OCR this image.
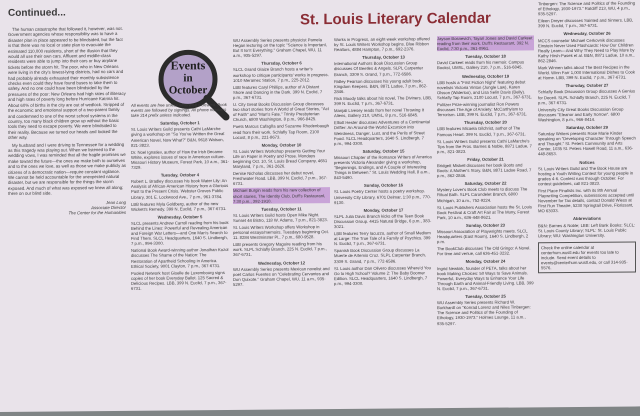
Continued...

The human catastrophe that followed it, however, was not. Government agencies whose responsibility was to have a disaster plan in place appeared to be blindsided, but the fact is that there was no local or state plan to evacuate the estimated 110,000 residents, short of the illusion that they would all use their own cars. Affluent and middle-class residents were able to jump into their cars or buy airplane tickets before the storm hit. The poor, who in New Orleans were living in the city's lowest-lying districts, had no cars and had probably already exhausted their monthly subsistence checks even could they have found buses to take them to safety. And no one could have been blindsided by the pressures of the poor: New Orleans had high rates of illiteracy and high rates of poverty long before Hurricane Katrina hit. About 60% of births in the city are out of wedlock. Stripped of the economic and emotional support of a two-parent family and condemned to one of the worst school systems in the country, too many black children grow up without the basic tools they need to escape poverty. We were blindsided to their reality. Because we turned our heads and looked the other way.

My husband and I were driving to Tennessee for a wedding as this tragedy was playing out. When we listened to the wedding vows, I was reminded that all the fragile promises we make toward the future—the ones we make both to ourselves and to the ones we love, as well as those we make publicly as citizens of a democratic nation—require constant vigilance. We cannot be held accountable for the unexpected natural disaster, but we are responsible for the things the storm exposed. And much of what was exposed we knew all along; there on our blind side.

Jean Long
Associate Director
The Center for the Humanities

Events
in
October
St. Louis Literary Calendar
All events are free unless otherwise indicated. Book events are followed by signings. All phone numbers take 314 prefix unless indicated.
Saturday, October 1
St. Louis Writers Guild presents Cathi LaMarche giving a workshop on "So You've Written the Great American Novel, Now What?" B&N, 9618 Watson, 821-3823.
Dr. Noel Ignatiev, author of How the Irish Became White, explores issues of race in American culture. Missouri History Museum, Forest Park, 10 a.m., 361-7329.
Tuesday, October 4
Robert L. Bradley discusses his book Water Lily: An Analysis of African-American History from a Glorious Past to the Present Crisis. Webster Groves Public Library, 301 E. Lockwood Ave., 7 p.m., 961-3784.
LBB features Myla Goldberg, author of the new Wickett's Remedy. 399 N. Euclid, 7 p.m., 367-6731.
Wednesday, October 5
SLCL presents Andrew Carroll reading from his book Behind the Lines: Powerful and Revealing American and Foreign War Letters—and One Man's Search to Find Them. SLCL Headquarters, 1640 S. Lindbergh, 7 p.m., 994-3300.
National Book Award-winning author Jonathan Kozol discusses The Shame of the Nation: The Restoration of Apartheid Schooling in America. Ethical Society, 9001 Clayton, 7 p.m., 367-6731.
Pooled Network host Giselle de Luxembourg signs copies of her book Everyday Ballot. 125 Sacred & Delicious Recipes. LBB, 399 N. Euclid, 7 p.m., 367-6731.
WU Assembly Series presents physicist Pamela Hegan lecturing on the topic "Science is Important, But It Isn't Everything." Graham Chapel, WU, 11 a.m., 935-5297.
Thursday, October 6
SLCL Grand Glaize Branch hosts a writer's workshop to critique participants' works in progress. 1010 Meramec Station, 7 p.m., 225-2012.
LBB features Caryl Phillips, author of A Distant Shore and Dancing in the Dark. 399 N. Euclid, 7 p.m., 367-6731.
U. City Great Books Discussion Group discusses two short stories from A World of Great Stories, "Act of Faith" and "Man's Fate." Trinity Presbyterian Church, 6800 Washington, 8 p.m., 966-8425.
Poets Marcus Cafagña and Suzanne Rhodenbaugh read from their work. Schlafly Tap Room, 2100 Locust, 8 p.m., 221-8673.
Monday, October 10
St. Louis Writers Workshop presents Getting Your Life on Paper in Poetry and Prose. Mondays beginning Oct. 10, St. Louis Bread Company, 4651 Maryland, 7 p.m., 361-2626.
Denise Nicholas discusses her debut novel, Freshwater Road. LBB, 399 N. Euclid, 7 p.m., 367-6731.
Michael Burgin reads from his new collection of short stories, The Identity Club. Duff's Restaurant, 7:30 p.m., 392-1910.
Tuesday, October 11
St. Louis Writers Guild hosts Open Mike Night. Sunset 44 Bistro, 118 W. Adams, 7 p.m., 821-3823.
St. Louis Writers Workshop offers Workshop in personal essays/memoirs. Tuesdays beginning Oct. 11. 8284 Westminster Pl., 7 p.m., 680-9528.
LBB presents Gregory Maguire reading from his work. SLPL Schlafly Branch, 225 N. Euclid, 7 p.m., 367-6731.
Wednesday, October 12
WU Assembly Series presents Mexican novelist and poet Carlos Fuentes on "Celebrating Cervantes and Don Quixote." Graham Chapel, WU, 11 a.m., 935-5297.
Works in Progress, an eight-week workshop offered by St. Louis Writers Workshop begins. Blue Ribbon Realtors, 4884 Hampton, 7 p.m., 692-2376.
Thursday, October 13
International Authors Book Discussion Group discusses Of Beetles & Angels. SLPL Carpenter Branch, 3309 S. Grand, 7 p.m., 772-6586.
Ridley Pearson discusses his young adult book, Kingdom Keepers. B&N, 8871 Ladue, 7 p.m., 862-2846.
Rick Moody talks about his novel, The Diviners. LBB, 399 N. Euclid, 7 p.m., 367-6731.
Manjali Livesey reads from her novel Throwing It Aliens, Gallery 210, UMSL, 8 p.m., 516-6845.
Elliott Hester discusses Adventures of a Continental Drifter: An Around-the-World Excursion into Weirdness, Danger, Lust, and the Perils of Street Food. SLCL Headquarters, 1640 S. Lindbergh, 7 p.m., 994-3300.
Saturday, October 15
Missouri Chapter of the Romance Writers of America presents Victoria Alexander giving a workshop, "Beginnings, Endings, and A Couple of Interesting Things in Between." St. Louis Wedding Hall, 8 a.m., 843-5490.
Sunday, October 16
St. Louis Poetry Center hosts a poetry workshop. University City Library, 6701 Delmar, 1:30 p.m., 770-9130.
Monday, October 17
SLPL Julia Davis Branch kicks off the Teen Book Discussion Group. 4415 Natural Bridge, 6 p.m., 383-3021.
LBB features Terry Iacuzzo, author of Small Medium at Large: The True Tale of a Family of Psychics. 399 N. Euclid, 7 p.m., 367-6731.
Spanish Book Discussion Group discusses La Muerte de Artemio Cruz. SLPL Carpenter Branch, 3309 S. Grand, 7 p.m., 772-6586.
St. Louis author Dan Olivero discusses Where'd You Go to High School? Volume 2: The Baby Boomer Edition. SLCL Headquarters, 1640 S. Lindbergh, 7 p.m., 994-3300.
Jayson Bosnevich, Tayari Jones and David Carkeet reading from their work. Duff's Restaurant, 392 N. Euclid, 7:30 p.m., 361-0961.
Tuesday, October 18
David Carkeet reads from his memoir. Campus Bookst, UMSL, Gallery 210, 7 p.m., 516-6845.
Wednesday, October 19
LBB hosts a "First Fiction Night" featuring debut novelists Victoria Vinton (Jungle Law), Karen Olsson (Waterloo), and Lisa Selin Davis (Belly). Schlafly Tap Room, 2100 Locust, 7 p.m., 367-6731.
Pulitzer Prize-winning journalist Ron Powers discusses The Age of Anxiety: McCarthyism to Terrorism. LBB, 399 N. Euclid, 7 p.m., 367-6731.
Thursday, October 20
LBB features Micaela Gilchrist, author of The Famous Heart. 399 N. Euclid, 7 p.m., 367-6731.
St. Louis Writers Guild presents Cathi LaMarche's Tips from the Pros. Barnes & Noble, 8871 Ladue, 7 p.m., 821-3823.
Friday, October 21
Bridgett Miskell discusses her book Boots and Boots: A Mother's Story. B&N, 8871 Ladue Road, 7 p.m., 862-2846.
Saturday, October 22
Mystery Lover's Book Club meets to discuss The Ritual Bath. SLPL Carondelet Branch, 6800 Michigan, 10 a.m., 752-9224.
St. Louis Publishers Association hosts the St. Louis Book Festival & Craft Art Fair at The Muny, Forest Park, 10 a.m., 636-448-8621.
Sunday, October 23
Missouri Association of Playwrights meets. SLCL Headquarters (East Room), 1640 S. Lindbergh, 2 p.m.
The BookClub discusses The Old Gringo: A Novel. For time and venue, call 636-451-3232.
Monday, October 24
Ingrid Newkirk, founder of PETA, talks about her book Making Choices: 50 Ways to Save Animals. Powerful, Everyday Ways to Enhance Your Life Through Earth and Animal-Friendly Living. LBB, 399 N. Euclid, 7 p.m., 367-6731.
Tuesday, October 25
WU Assembly Series presents Richard W. Burkhardt on "Konrad Lorenz and Niles Tinbergen: The Science and Politics of the Founding of Ethology, 1930-1973." Holmes Lounge, 11 a.m., 935-5297.
Tinbergen: The Science and Politics of the Founding of Ethology, 1930-1973." Ratcliff 213, WU, 4 p.m., 935-5297.
Eileen Dreyer discusses Sainted and Sinners. LBB, 399 N. Euclid, 7 p.m., 367-6731.
Wednesday, October 26
MCCS counselor Michael Cerkovnik discusses Einstein Never Used Flashcards: How Our Children Really Learn—And Why They Need to Play More by Kathy Hirsh-Pasek et al. B&N, 8871 Ladue, 10 a.m., 862-2846.
Mark Winnen talks about The Best Recipes in the World. Winn Farr 1,000 International Dishes to Cook at Home. LBB, 399 N. Euclid, 7 p.m., 367-6731.
Thursday, October 27
Schlafly Book Discussion Group discusses A Genius for Deceit. SLPL Schlafly Branch, 225 N. Euclid, 7 p.m., 367-6731.
University City Great Books Discussion Group discusses "Eleanor and Early Sorrow". 6800 Washington, 8 p.m., 966-8414.
Saturday, October 29
Saturday Writers presents Rose Marie Kinder speaking on "Developing Character Through Speech and Thought." St. Peters Community and Arts Center, 1035 St. Peters Howell Road, 11 a.m., 636-448-8653.
Notices
St. Louis Writers Guild and The Book House are hosting a Youth Writing Contest for young people in grades 4-6. Contest runs through October. For contest guidelines, call 821-3823.
First Place Finalists Inc. with its 8th Annual Playwriting Competition, submissions accepted until November for Tax details, contact Donald Wiess at First Run Theatre, 5230 Springtail Drive, Florissant, MO 63033.
Abbreviations
B&N: Barnes & Noble; LBB: Left Bank Books; SLCL: St. Louis County Library; SLPL: St. Louis Public Library; WU: Washington University.
Check the online calendar at centerhum.wustl.edu for events too late to include. Send event details to events@centerhum.wustl.edu, or call 314-935-5576.
